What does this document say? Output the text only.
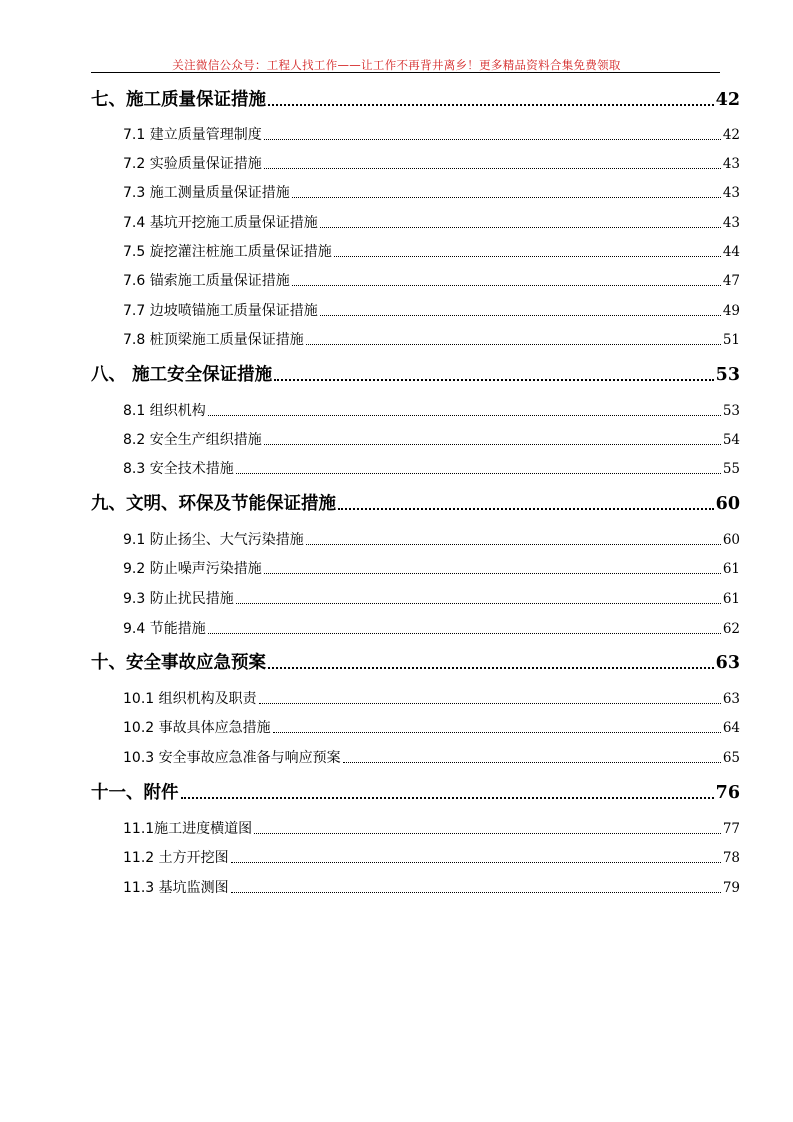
关注微信公众号：工程人找工作——让工作不再背井离乡！更多精品资料合集免费领取
七、施工质量保证措施	42
7.1 建立质量管理制度	42
7.2 实验质量保证措施	43
7.3 施工测量质量保证措施	43
7.4 基坑开挖施工质量保证措施	43
7.5 旋挖灌注桩施工质量保证措施	44
7.6 锚索施工质量保证措施	47
7.7 边坡喷锚施工质量保证措施	49
7.8 桩顶梁施工质量保证措施	51
八、 施工安全保证措施	53
8.1 组织机构	53
8.2 安全生产组织措施	54
8.3 安全技术措施	55
九、文明、环保及节能保证措施	60
9.1 防止扬尘、大气污染措施	60
9.2 防止噪声污染措施	61
9.3 防止扰民措施	61
9.4 节能措施	62
十、安全事故应急预案	63
10.1 组织机构及职责	63
10.2 事故具体应急措施	64
10.3 安全事故应急准备与响应预案	65
十一、附件	76
11.1施工进度横道图	77
11.2 土方开挖图	78
11.3 基坑监测图	79
